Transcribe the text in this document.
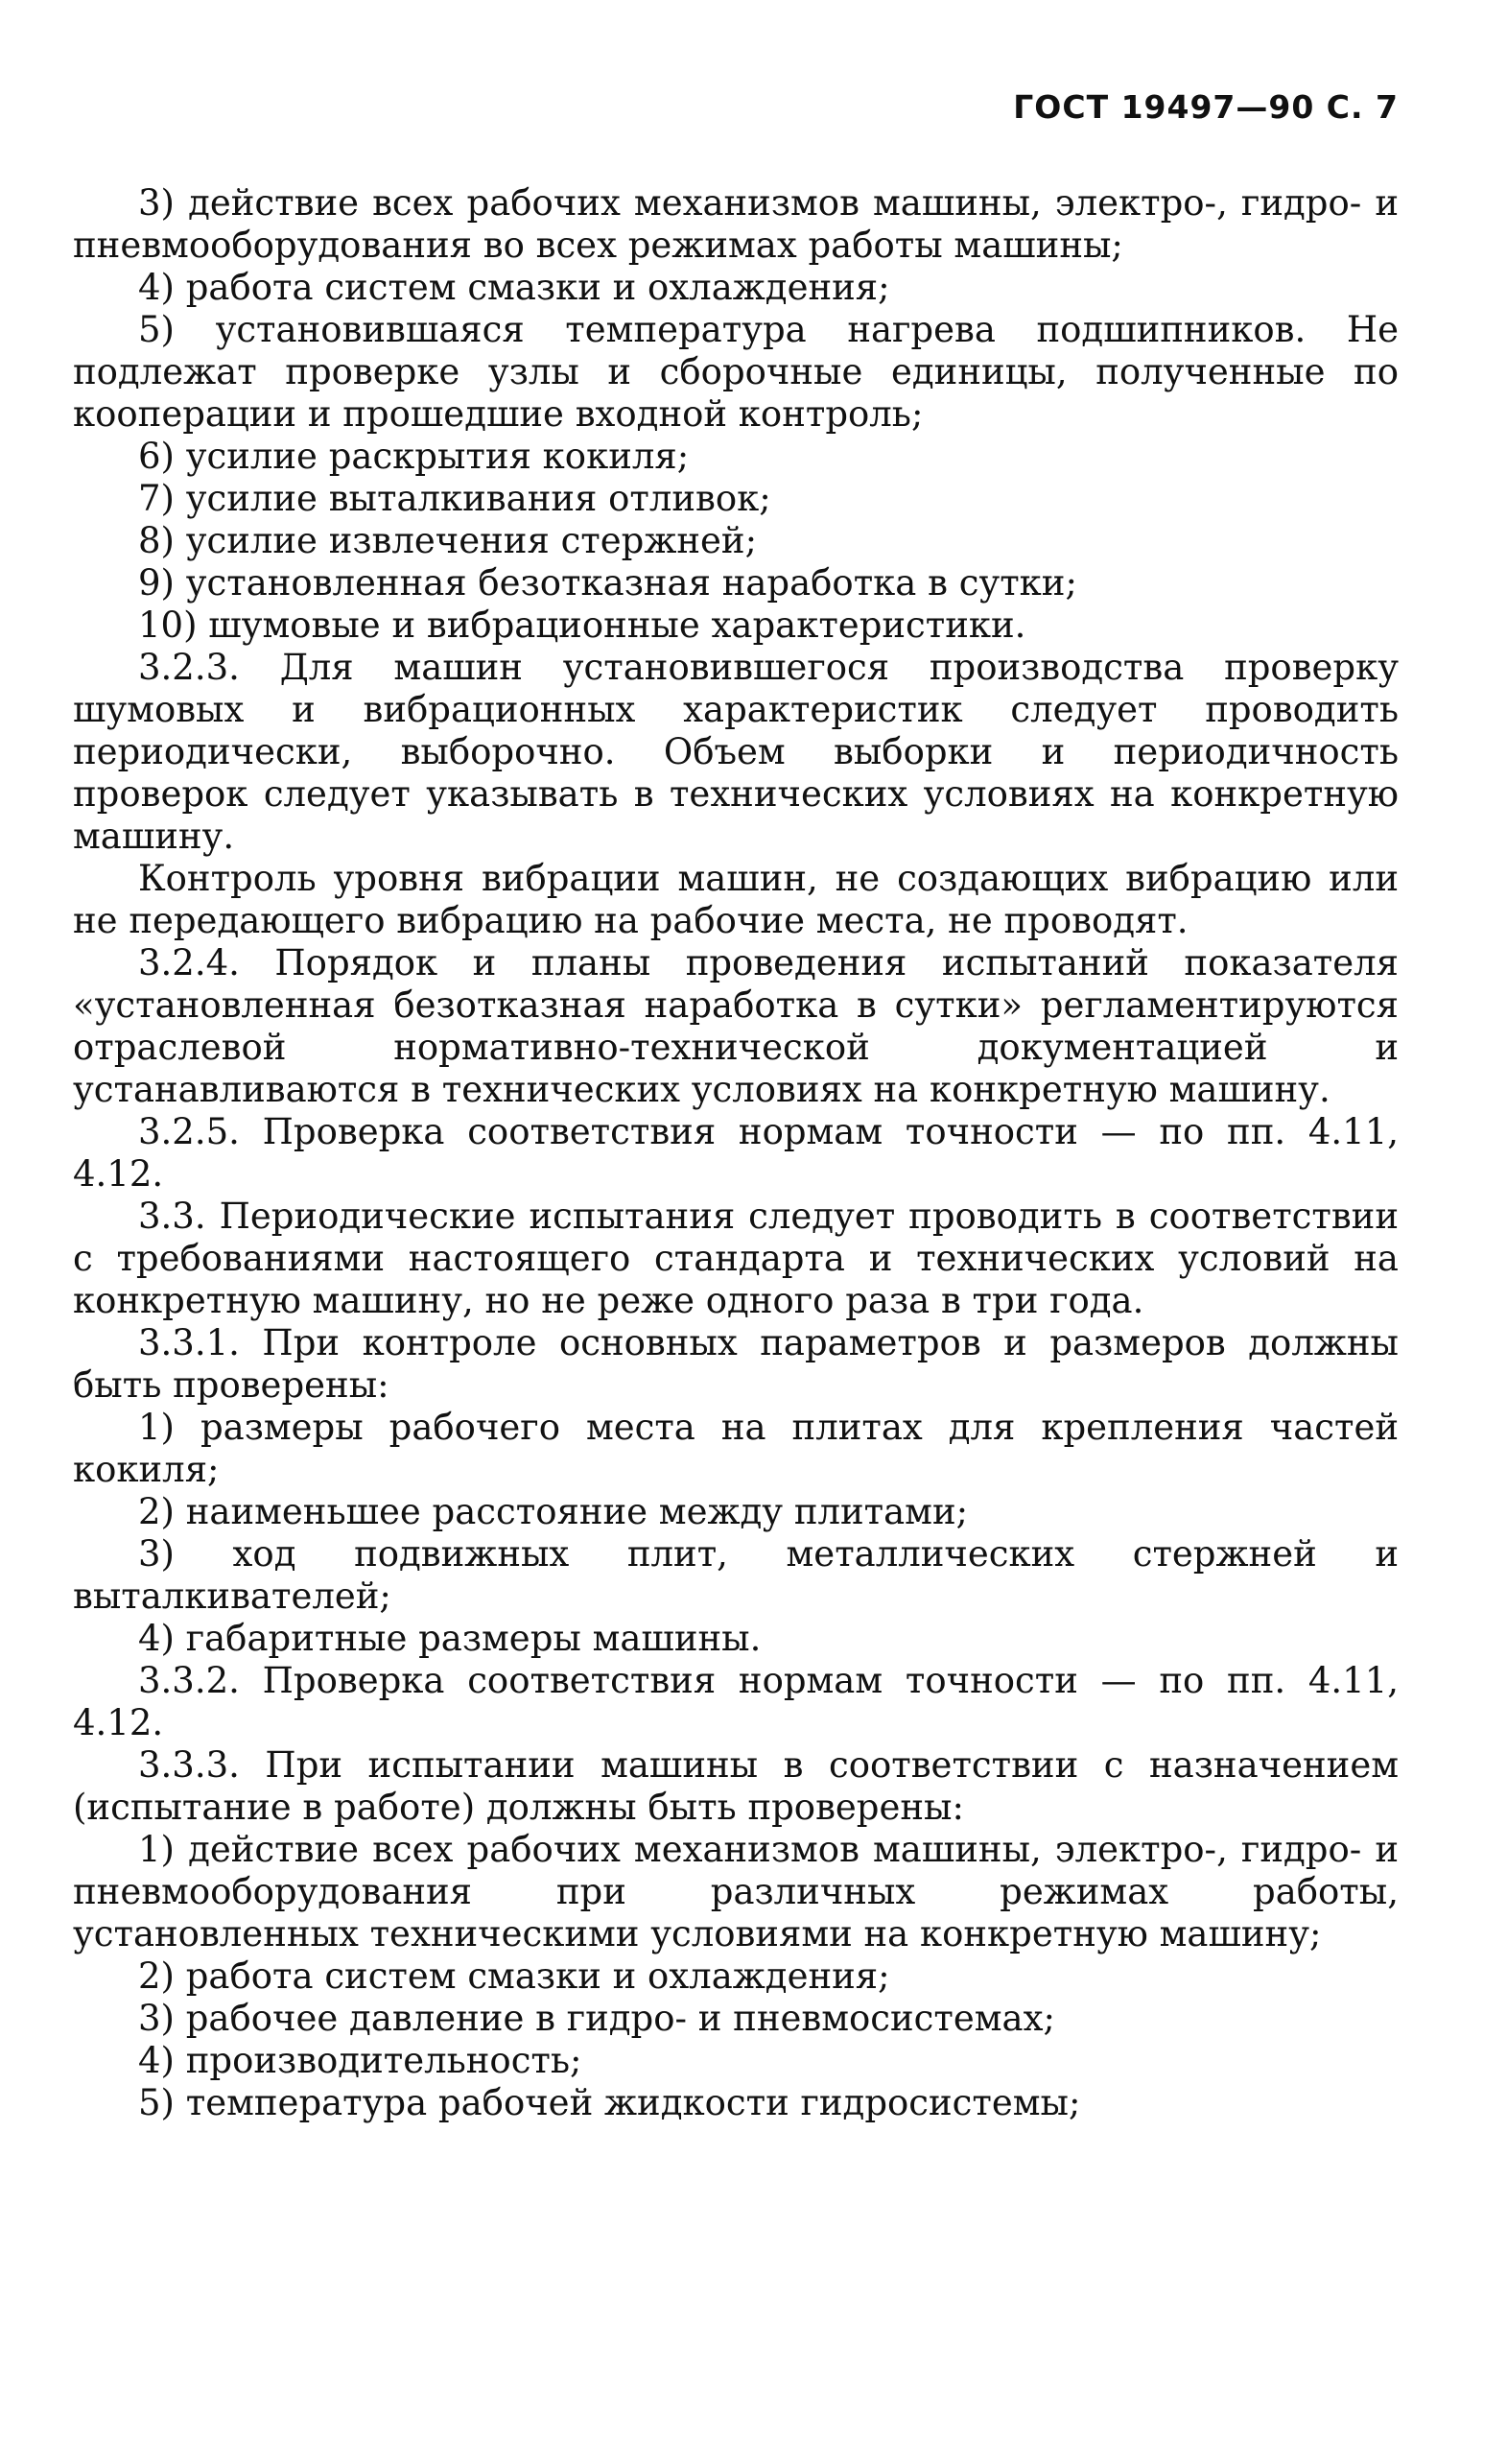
ГОСТ 19497—90 С. 7

3) действие всех рабочих механизмов машины, электро-, гидро- и пневмооборудования во всех режимах работы машины;

4) работа систем смазки и охлаждения;

5) установившаяся температура нагрева подшипников. Не подлежат проверке узлы и сборочные единицы, полученные по кооперации и прошедшие входной контроль;

6) усилие раскрытия кокиля;

7) усилие выталкивания отливок;

8) усилие извлечения стержней;

9) установленная безотказная наработка в сутки;

10) шумовые и вибрационные характеристики.

3.2.3. Для машин установившегося производства проверку шумовых и вибрационных характеристик следует проводить периодически, выборочно. Объем выборки и периодичность проверок следует указывать в технических условиях на конкретную машину.

Контроль уровня вибрации машин, не создающих вибрацию или не передающего вибрацию на рабочие места, не проводят.

3.2.4. Порядок и планы проведения испытаний показателя «установленная безотказная наработка в сутки» регламентируются отраслевой нормативно-технической документацией и устанавливаются в технических условиях на конкретную машину.

3.2.5. Проверка соответствия нормам точности — по пп. 4.11, 4.12.

3.3. Периодические испытания следует проводить в соответствии с требованиями настоящего стандарта и технических условий на конкретную машину, но не реже одного раза в три года.

3.3.1. При контроле основных параметров и размеров должны быть проверены:

1) размеры рабочего места на плитах для крепления частей кокиля;

2) наименьшее расстояние между плитами;

3) ход подвижных плит, металлических стержней и выталкивателей;

4) габаритные размеры машины.

3.3.2. Проверка соответствия нормам точности — по пп. 4.11, 4.12.

3.3.3. При испытании машины в соответствии с назначением (испытание в работе) должны быть проверены:

1) действие всех рабочих механизмов машины, электро-, гидро- и пневмооборудования при различных режимах работы, установленных техническими условиями на конкретную машину;

2) работа систем смазки и охлаждения;

3) рабочее давление в гидро- и пневмосистемах;

4) производительность;

5) температура рабочей жидкости гидросистемы;
